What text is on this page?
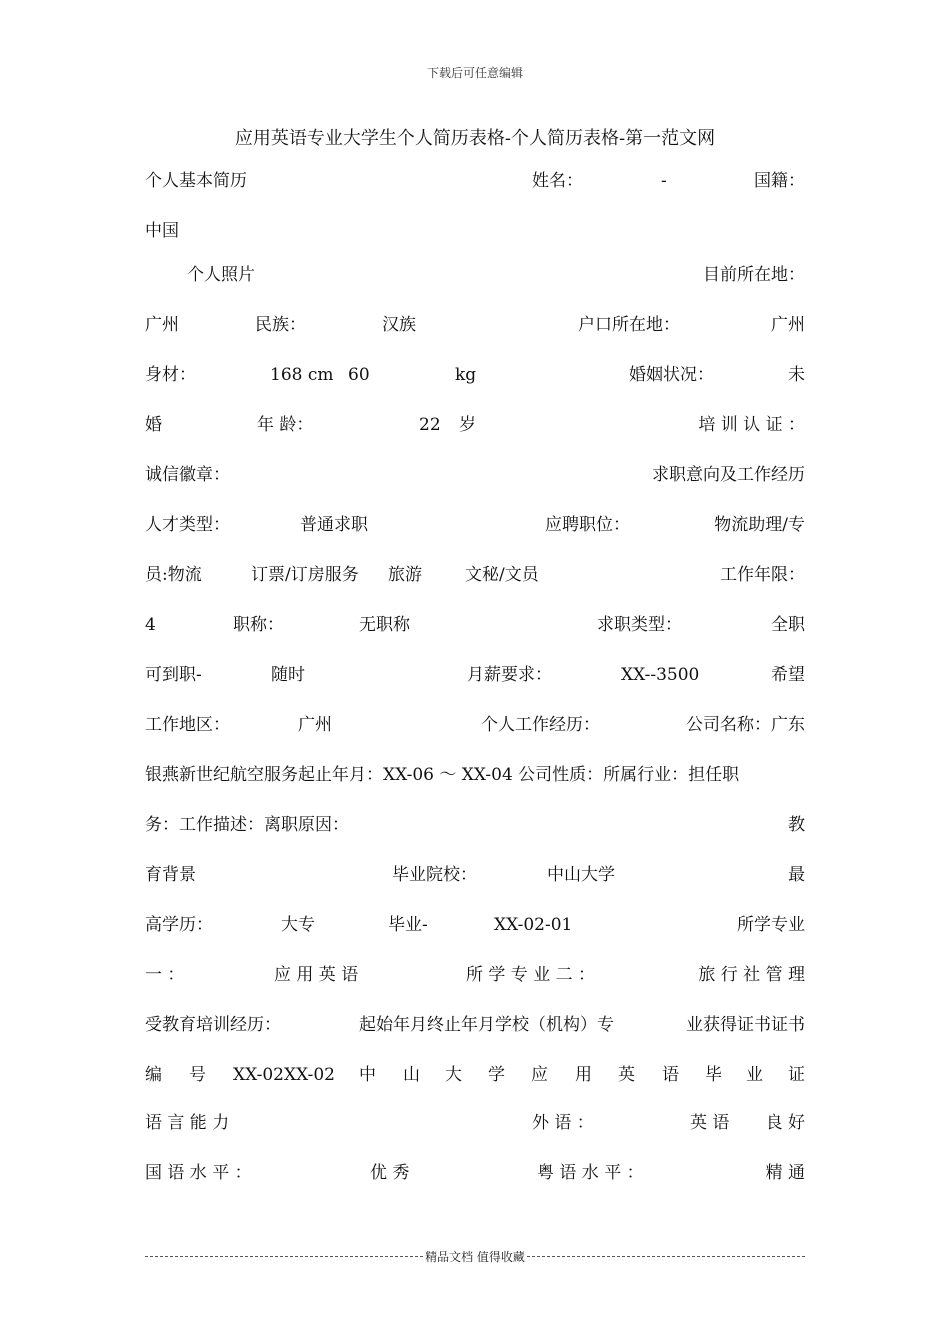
下载后可任意编辑
应用英语专业大学生个人简历表格-个人简历表格-第一范文网
个人基本简历	姓名：	-	国籍：
中国
个人照片	目前所在地：
广州	民族：	汉族	户口所在地：	广州
身材：	168 cm 60	kg	婚姻状况：	未
婚	年 龄：	22 岁	培 训 认 证 ：
诚信徽章：	求职意向及工作经历
人才类型：	普通求职	应聘职位：	物流助理/专
员:物流	订票/订房服务 旅游	文秘/文员	工作年限：
4	职称：	无职称	求职类型：	全职
可到职-	随时	月薪要求：	XX--3500	希望
工作地区：	广州	个人工作经历：	公司名称：广东
银燕新世纪航空服务起止年月：XX-06 ～ XX-04 公司性质：所属行业：担任职
务：工作描述：离职原因：	教
育背景	毕业院校：	中山大学	最
高学历：	大专	毕业-	XX-02-01	所学专业
一 ：	应 用 英 语	所 学 专 业 二 ：	旅 行 社 管 理
受教育培训经历：	起始年月终止年月学校（机构）专	业获得证书证书
编 号 XX-02XX-02 中 山 大 学 应 用 英 语 毕 业 证
语 言 能 力	外 语 ：	英 语 良 好
国 语 水 平 ：	优 秀	粤 语 水 平 ：	精 通
精品文档 值得收藏
